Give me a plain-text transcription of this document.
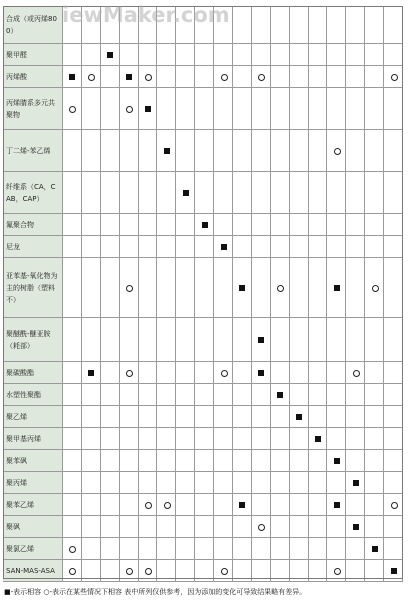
合成（或丙烯800）
聚甲醛
丙烯酸
丙烯腈系多元共聚物
丁二烯-苯乙烯
纤维系（CA，CAB，CAP）
氟聚合物
尼龙
亚苯基-氧化物为主的树脂（塑料不）
聚醚酰-醚亚胺（耗部）
聚碳酸酯
水塑性聚酯
聚乙烯
聚甲基丙烯
聚苯砜
聚丙烯
聚苯乙烯
聚砜
聚氯乙烯
SAN-MAS-ASA
iewMaker.com
■-表示相容 ○-表示在某些情况下相容 表中所列仅供参考，因为添加的变化可导致结果略有差异。
